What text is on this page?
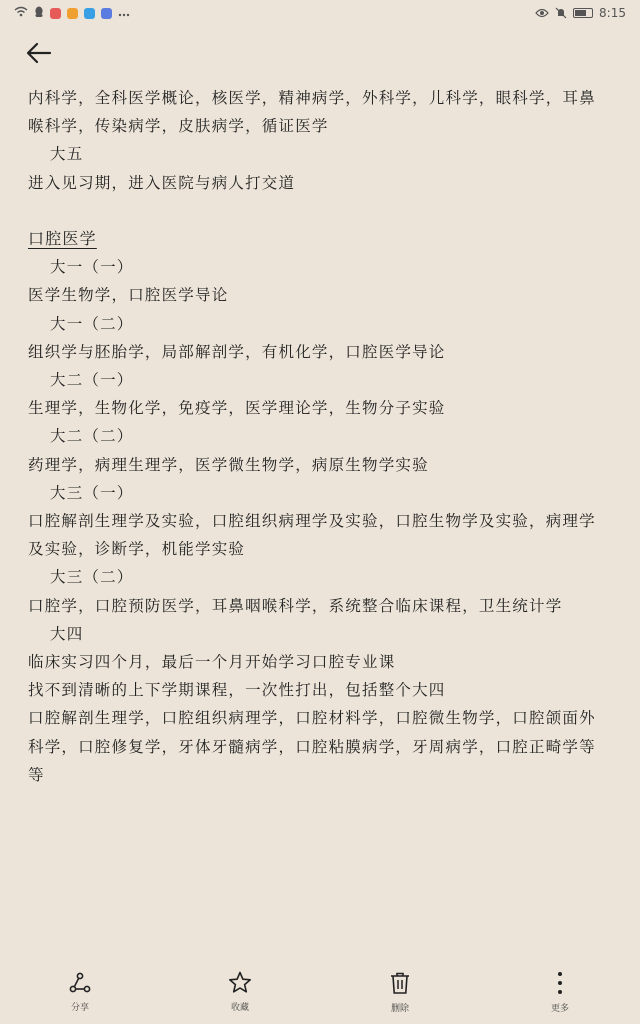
8:15
内科学，全科医学概论，核医学，精神病学，外科学，儿科学，眼科学，耳鼻喉科学，传染病学，皮肤病学，循证医学
大五
进入见习期，进入医院与病人打交道
口腔医学
大一（一）
医学生物学，口腔医学导论
大一（二）
组织学与胚胎学，局部解剖学，有机化学，口腔医学导论
大二（一）
生理学，生物化学，免疫学，医学理论学，生物分子实验
大二（二）
药理学，病理生理学，医学微生物学，病原生物学实验
大三（一）
口腔解剖生理学及实验，口腔组织病理学及实验，口腔生物学及实验，病理学及实验，诊断学，机能学实验
大三（二）
口腔学，口腔预防医学，耳鼻咽喉科学，系统整合临床课程，卫生统计学
大四
临床实习四个月，最后一个月开始学习口腔专业课
找不到清晰的上下学期课程，一次性打出，包括整个大四
口腔解剖生理学，口腔组织病理学，口腔材料学，口腔微生物学，口腔颌面外科学，口腔修复学，牙体牙髓病学，口腔粘膜病学，牙周病学，口腔正畸学等等
分享	收藏	删除	更多
